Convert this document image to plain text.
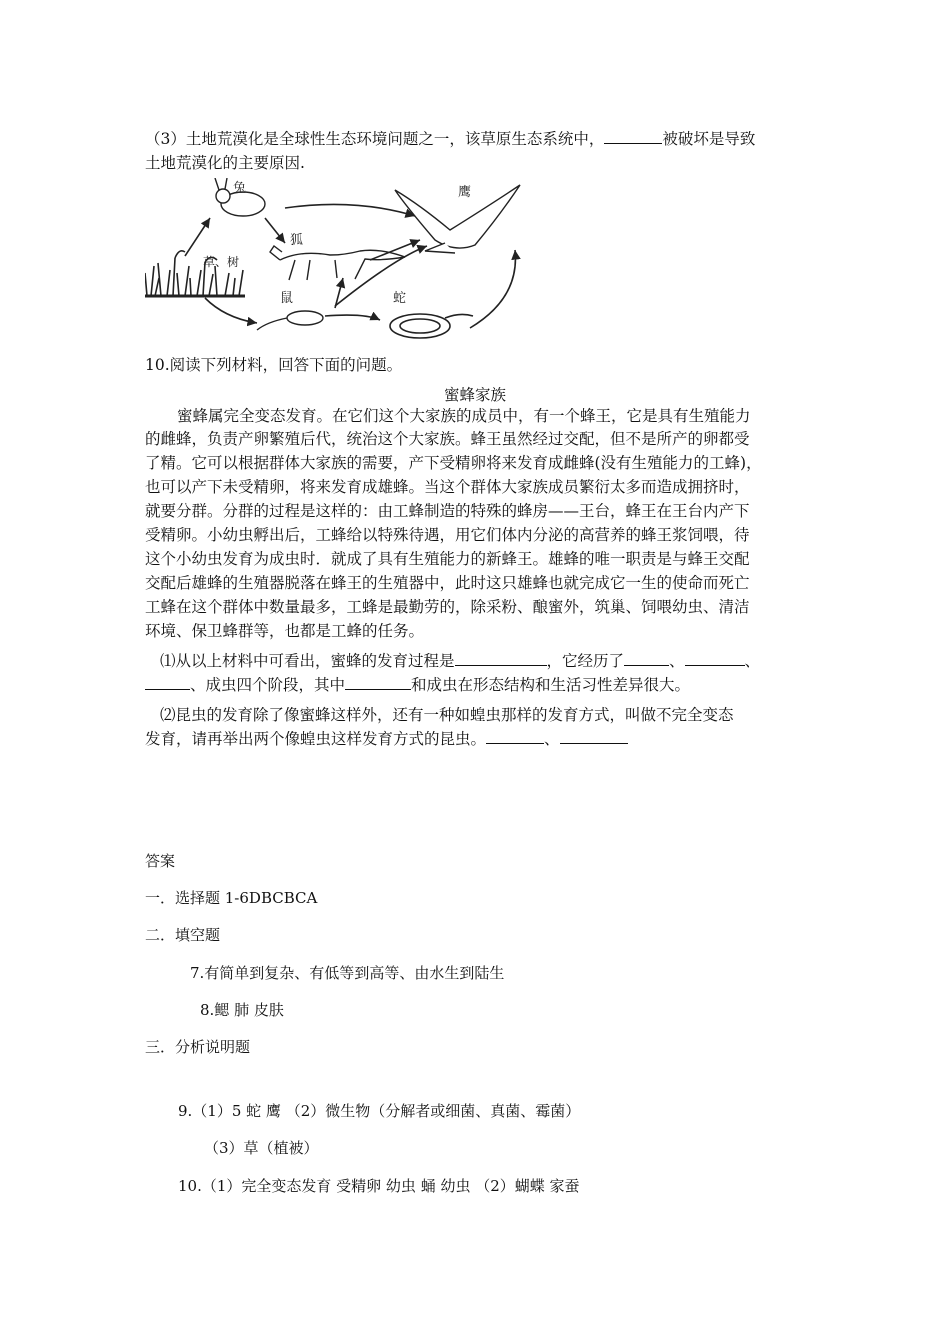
（3）土地荒漠化是全球性生态环境问题之一，该草原生态系统中，	被破坏是导致
土地荒漠化的主要原因.
兔	鹰
狐
草、树
鼠	蛇
10.阅读下列材料，回答下面的问题。
蜜蜂家族
蜜蜂属完全变态发育。在它们这个大家族的成员中，有一个蜂王，它是具有生殖能力
的雌蜂，负责产卵繁殖后代，统治这个大家族。蜂王虽然经过交配，但不是所产的卵都受
了精。它可以根据群体大家族的需要，产下受精卵将来发育成雌蜂(没有生殖能力的工蜂)，
也可以产下未受精卵，将来发育成雄蜂。当这个群体大家族成员繁衍太多而造成拥挤时，
就要分群。分群的过程是这样的：由工蜂制造的特殊的蜂房——王台，蜂王在王台内产下
受精卵。小幼虫孵出后，工蜂给以特殊待遇，用它们体内分泌的高营养的蜂王浆饲喂，待
这个小幼虫发育为成虫时．就成了具有生殖能力的新蜂王。雄蜂的唯一职责是与蜂王交配
交配后雄蜂的生殖器脱落在蜂王的生殖器中，此时这只雄蜂也就完成它一生的使命而死亡
工蜂在这个群体中数量最多，工蜂是最勤劳的，除采粉、酿蜜外，筑巢、饲喂幼虫、清洁
环境、保卫蜂群等，也都是工蜂的任务。
⑴从以上材料中可看出，蜜蜂的发育过程是	，它经历了	、	、
、成虫四个阶段，其中	和成虫在形态结构和生活习性差异很大。
⑵昆虫的发育除了像蜜蜂这样外，还有一种如蝗虫那样的发育方式，叫做不完全变态
发育，请再举出两个像蝗虫这样发育方式的昆虫。	、
答案
一．选择题 1-6DBCBCA
二．填空题
7.有简单到复杂、有低等到高等、由水生到陆生
8.鳃 肺 皮肤
三．分析说明题
9.（1）5 蛇 鹰 （2）微生物（分解者或细菌、真菌、霉菌）
（3）草（植被）
10.（1）完全变态发育 受精卵 幼虫 蛹 幼虫 （2）蝴蝶 家蚕
